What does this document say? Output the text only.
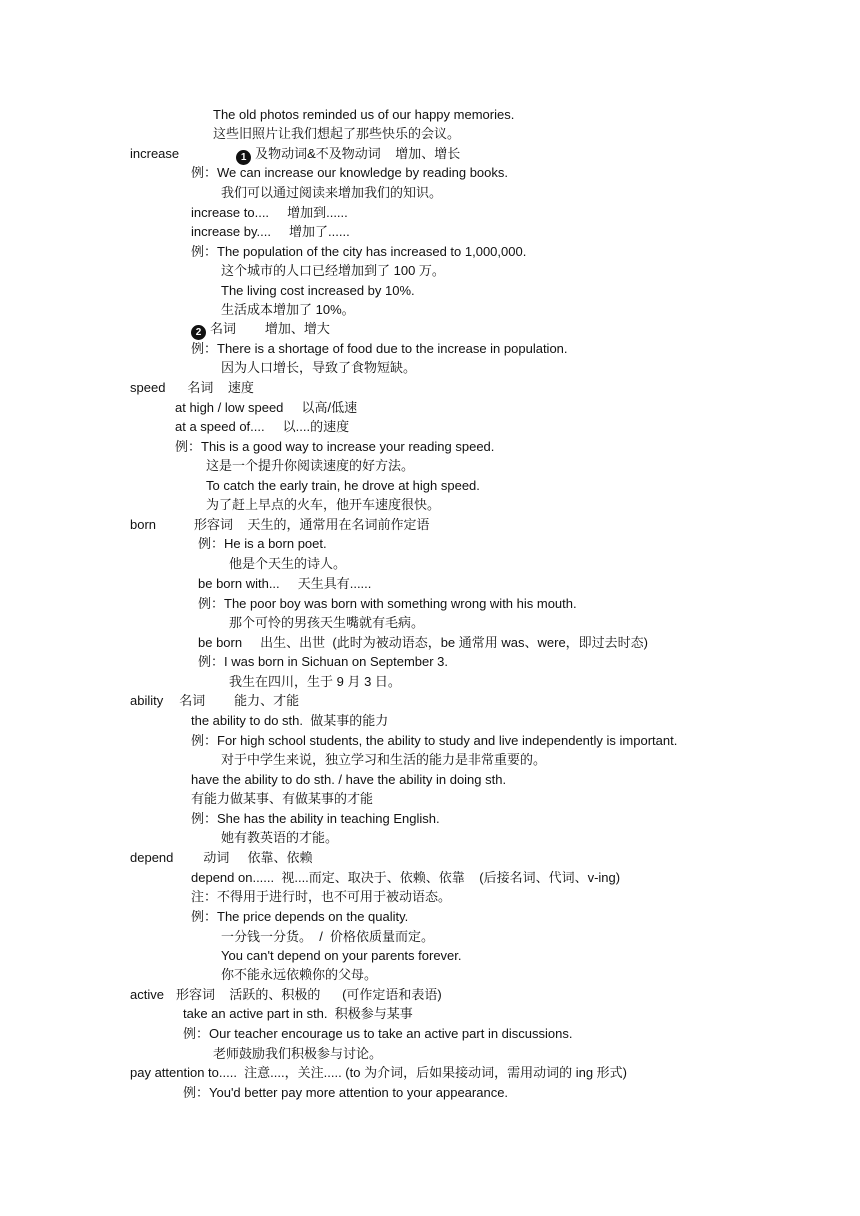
The old photos reminded us of our happy memories.
这些旧照片让我们想起了那些快乐的会议。
increase	1 及物动词&不及物动词    增加、增长
例：We can increase our knowledge by reading books.
我们可以通过阅读来增加我们的知识。
increase to....     增加到......
increase by....     增加了......
例：The population of the city has increased to 1,000,000.
这个城市的人口已经增加到了 100 万。
The living cost increased by 10%.
生活成本增加了 10%。
2 名词        增加、增大
例：There is a shortage of food due to the increase in population.
因为人口增长，导致了食物短缺。
speed 名词    速度
at high / low speed     以高/低速
at a speed of....     以....的速度
例：This is a good way to increase your reading speed.
这是一个提升你阅读速度的好方法。
To catch the early train, he drove at high speed.
为了赶上早点的火车，他开车速度很快。
born	形容词    天生的，通常用在名词前作定语
例：He is a born poet.
他是个天生的诗人。
be born with...     天生具有......
例：The poor boy was born with something wrong with his mouth.
那个可怜的男孩天生嘴就有毛病。
be born     出生、出世  (此时为被动语态，be 通常用 was、were，即过去时态)
例：I was born in Sichuan on September 3.
我生在四川，生于 9 月 3 日。
ability 名词        能力、才能
the ability to do sth.  做某事的能力
例：For high school students, the ability to study and live independently is important.
对于中学生来说，独立学习和生活的能力是非常重要的。
have the ability to do sth. / have the ability in doing sth.
有能力做某事、有做某事的才能
例：She has the ability in teaching English.
她有教英语的才能。
depend 动词     依靠、依赖
depend on......  视....而定、取决于、依赖、依靠    (后接名词、代词、v-ing)
注：不得用于进行时，也不可用于被动语态。
例：The price depends on the quality.
一分钱一分货。  /  价格依质量而定。
You can't depend on your parents forever.
你不能永远依赖你的父母。
active 形容词    活跃的、积极的      (可作定语和表语)
take an active part in sth.  积极参与某事
例：Our teacher encourage us to take an active part in discussions.
老师鼓励我们积极参与讨论。
pay attention to.....  注意....，关注..... (to 为介词，后如果接动词，需用动词的 ing 形式)
例：You'd better pay more attention to your appearance.
